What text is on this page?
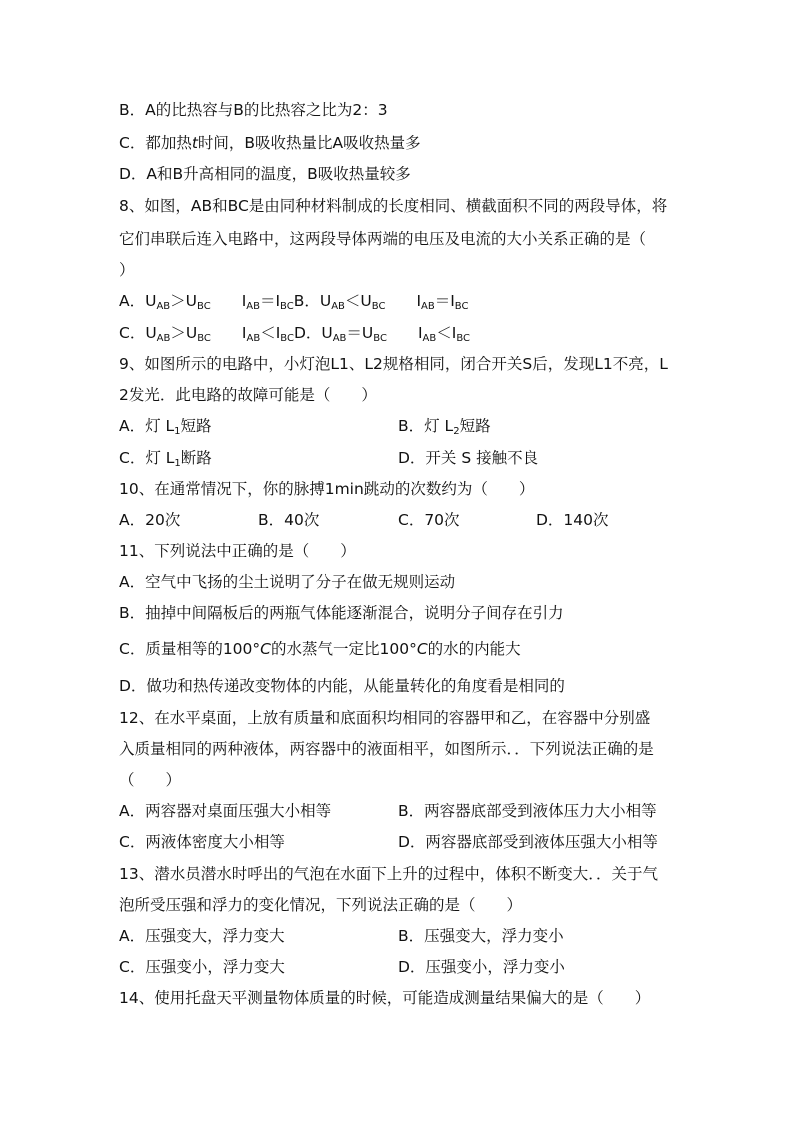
B．A的比热容与B的比热容之比为2：3
C．都加热t时间，B吸收热量比A吸收热量多
D．A和B升高相同的温度，B吸收热量较多
8、如图，AB和BC是由同种材料制成的长度相同、横截面积不同的两段导体，将
它们串联后连入电路中，这两段导体两端的电压及电流的大小关系正确的是（
）
A．$U_{AB}>U_{BC}$　　$I_{AB}=I_{BC}B$．$U_{AB}<U_{BC}$　　$I_{AB}=I_{BC}$
C．$U_{AB}>U_{BC}$　　$I_{AB}<I_{BC}D$．$U_{AB}=U_{BC}$　　$I_{AB}<I_{BC}$
9、如图所示的电路中，小灯泡L1、L2规格相同，闭合开关S后，发现L1不亮，L
2发光．此电路的故障可能是（　　）
A．灯 $L_1$短路	B．灯 $L_2$短路
C．灯 $L_1$断路	D．开关 S 接触不良
10、在通常情况下，你的脉搏1min跳动的次数约为（　　）
A．20次	B．40次	C．70次	D．140次
11、下列说法中正确的是（　　）
A．空气中飞扬的尘土说明了分子在做无规则运动
B．抽掉中间隔板后的两瓶气体能逐渐混合，说明分子间存在引力
C．质量相等的100°C的水蒸气一定比100°C的水的内能大
D．做功和热传递改变物体的内能，从能量转化的角度看是相同的
12、在水平桌面，上放有质量和底面积均相同的容器甲和乙，在容器中分别盛
入质量相同的两种液体，两容器中的液面相平，如图所示．．下列说法正确的是
（　　）
A．两容器对桌面压强大小相等	B．两容器底部受到液体压力大小相等
C．两液体密度大小相等	D．两容器底部受到液体压强大小相等
13、潜水员潜水时呼出的气泡在水面下上升的过程中，体积不断变大．．关于气
泡所受压强和浮力的变化情况，下列说法正确的是（　　）
A．压强变大，浮力变大	B．压强变大，浮力变小
C．压强变小，浮力变大	D．压强变小，浮力变小
14、使用托盘天平测量物体质量的时候，可能造成测量结果偏大的是（　　）
